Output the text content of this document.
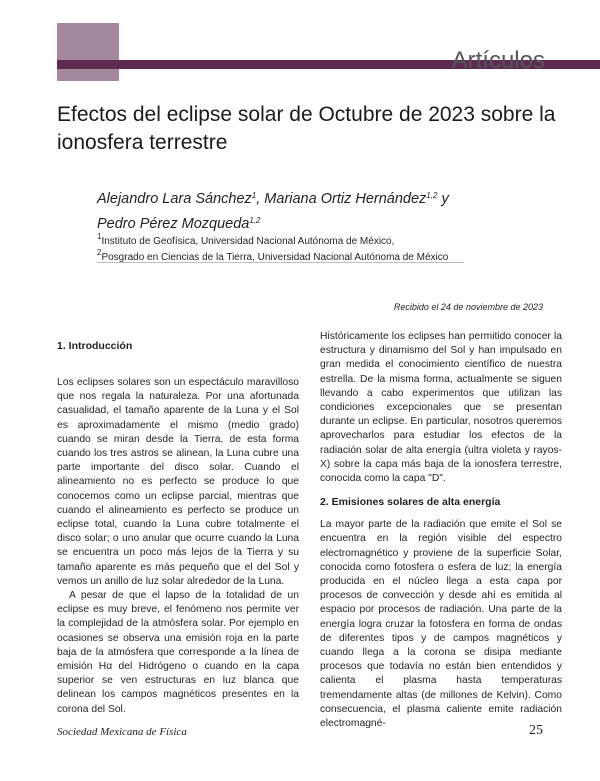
Artículos
Efectos del eclipse solar de Octubre de 2023 sobre la ionosfera terrestre
Alejandro Lara Sánchez$^1$, Mariana Ortiz Hernández$^{1,2}$ y
Pedro Pérez Mozqueda$^{1,2}$
$^1$Instituto de Geofísica, Universidad Nacional Autónoma de México,
$^2$Posgrado en Ciencias de la Tierra, Universidad Nacional Autónoma de México
Recibido el 24 de noviembre de 2023
1. Introducción

Los eclipses solares son un espectáculo maravilloso que nos regala la naturaleza. Por una afortunada casualidad, el tamaño aparente de la Luna y el Sol es aproximadamente el mismo (medio grado) cuando se miran desde la Tierra, de esta forma cuando los tres astros se alinean, la Luna cubre una parte importante del disco solar. Cuando el alineamiento no es perfecto se produce lo que conocemos como un eclipse parcial, mientras que cuando el alineamiento es perfecto se produce un eclipse total, cuando la Luna cubre totalmente el disco solar; o uno anular que ocurre cuando la Luna se encuentra un poco más lejos de la Tierra y su tamaño aparente es más pequeño que el del Sol y vemos un anillo de luz solar alrededor de la Luna.

A pesar de que el lapso de la totalidad de un eclipse es muy breve, el fenómeno nos permite ver la complejidad de la atmósfera solar. Por ejemplo en ocasiones se observa una emisión roja en la parte baja de la atmósfera que corresponde a la línea de emisión Hα del Hidrógeno o cuando en la capa superior se ven estructuras en luz blanca que delinean los campos magnéticos presentes en la corona del Sol.

Históricamente los eclipses han permitido conocer la estructura y dinamismo del Sol y han impulsado en gran medida el conocimiento científico de nuestra estrella. De la misma forma, actualmente se siguen llevando a cabo experimentos que utilizan las condiciones excepcionales que se presentan durante un eclipse. En particular, nosotros queremos aprovecharlos para estudiar los efectos de la radiación solar de alta energía (ultra violeta y rayos-X) sobre la capa más baja de la ionosfera terrestre, conocida como la capa "D".

2. Emisiones solares de alta energía

La mayor parte de la radiación que emite el Sol se encuentra en la región visible del espectro electromagnético y proviene de la superficie Solar, conocida como fotosfera o esfera de luz; la energía producida en el núcleo llega a esta capa por procesos de convección y desde ahí es emitida al espacio por procesos de radiación. Una parte de la energía logra cruzar la fotosfera en forma de ondas de diferentes tipos y de campos magnéticos y cuando llega a la corona se disipa mediante procesos que todavía no están bien entendidos y calienta el plasma hasta temperaturas tremendamente altas (de millones de Kelvin). Como consecuencia, el plasma caliente emite radiación electromagné-

Sociedad Mexicana de Física	25
